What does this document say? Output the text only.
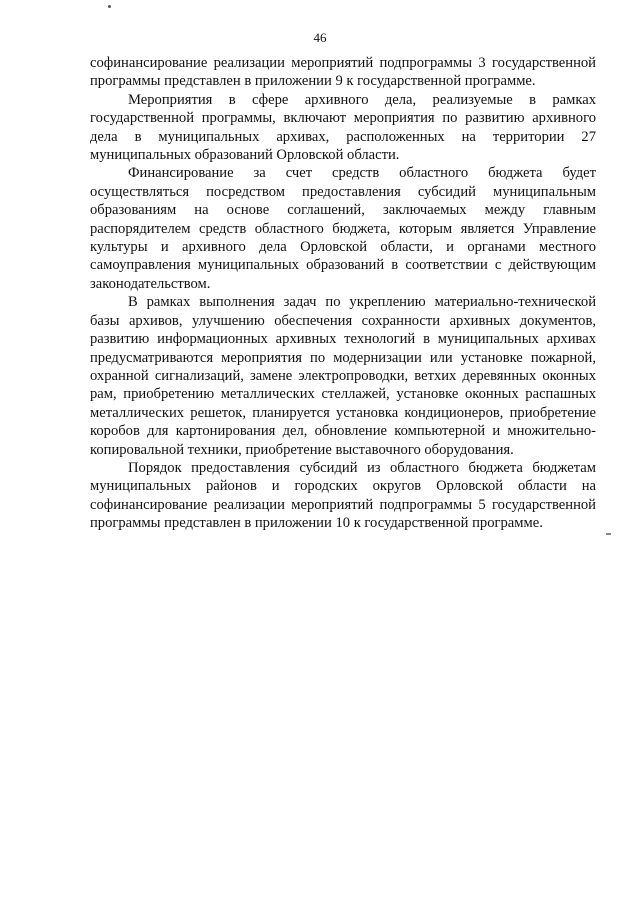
46

софинансирование реализации мероприятий подпрограммы 3 государственной программы представлен в приложении 9 к государственной программе.

Мероприятия в сфере архивного дела, реализуемые в рамках государственной программы, включают мероприятия по развитию архивного дела в муниципальных архивах, расположенных на территории 27 муниципальных образований Орловской области.

Финансирование за счет средств областного бюджета будет осуществляться посредством предоставления субсидий муниципальным образованиям на основе соглашений, заключаемых между главным распорядителем средств областного бюджета, которым является Управление культуры и архивного дела Орловской области, и органами местного самоуправления муниципальных образований в соответствии с действующим законодательством.

В рамках выполнения задач по укреплению материально-технической базы архивов, улучшению обеспечения сохранности архивных документов, развитию информационных архивных технологий в муниципальных архивах предусматриваются мероприятия по модернизации или установке пожарной, охранной сигнализаций, замене электропроводки, ветхих деревянных оконных рам, приобретению металлических стеллажей, установке оконных распашных металлических решеток, планируется установка кондиционеров, приобретение коробов для картонирования дел, обновление компьютерной и множительно-копировальной техники, приобретение выставочного оборудования.

Порядок предоставления субсидий из областного бюджета бюджетам муниципальных районов и городских округов Орловской области на софинансирование реализации мероприятий подпрограммы 5 государственной программы представлен в приложении 10 к государственной программе.
